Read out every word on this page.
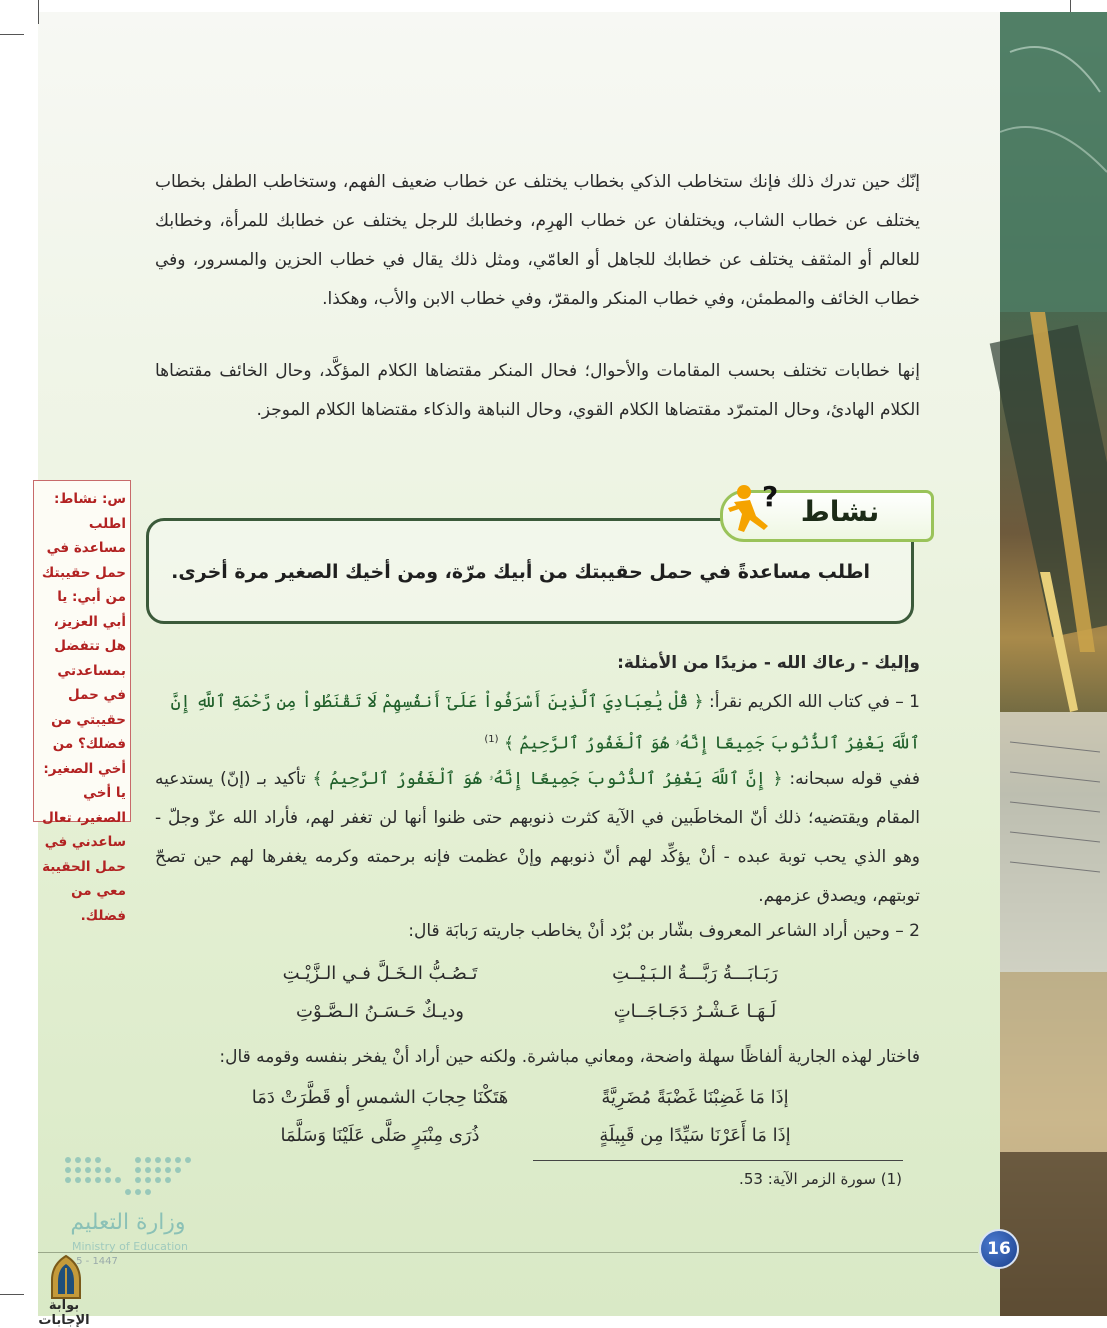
إنّك حين تدرك ذلك فإنك ستخاطب الذكي بخطاب يختلف عن خطاب ضعيف الفهم، وستخاطب الطفل بخطاب يختلف عن خطاب الشاب، ويختلفان عن خطاب الهرِم، وخطابك للرجل يختلف عن خطابك للمرأة، وخطابك للعالم أو المثقف يختلف عن خطابك للجاهل أو العامّي، ومثل ذلك يقال في خطاب الحزين والمسرور، وفي خطاب الخائف والمطمئن، وفي خطاب المنكر والمقرّ، وفي خطاب الابن والأب، وهكذا.

إنها خطابات تختلف بحسب المقامات والأحوال؛ فحال المنكر مقتضاها الكلام المؤكَّد، وحال الخائف مقتضاها الكلام الهادئ، وحال المتمرّد مقتضاها الكلام القوي، وحال النباهة والذكاء مقتضاها الكلام الموجز.

نشاط
?
اطلب مساعدةً في حمل حقيبتك من أبيك مرّة، ومن أخيك الصغير مرة أخرى.
س: نشاط: اطلب مساعدة في حمل حقيبتك من أبي: يا أبي العزيز، هل تتفضل بمساعدتي في حمل حقيبتي من فضلك؟ من أخي الصغير: يا أخي الصغير، تعال ساعدني في حمل الحقيبة معي من فضلك.
وإليك - رعاك الله - مزيدًا من الأمثلة:
1 – في كتاب الله الكريم نقرأ: ﴿ قُلْ يَٰعِبَادِيَ ٱلَّذِينَ أَسْرَفُواْ عَلَىٰٓ أَنفُسِهِمْ لَا تَقْنَطُواْ مِن رَّحْمَةِ ٱللَّهِ إِنَّ ٱللَّهَ يَغْفِرُ ٱلذُّنُوبَ جَمِيعًا إِنَّهُۥ هُوَ ٱلْغَفُورُ ٱلرَّحِيمُ ﴾ $^{(1)}$
ففي قوله سبحانه: ﴿ إِنَّ ٱللَّهَ يَغْفِرُ ٱلذُّنُوبَ جَمِيعًا إِنَّهُۥ هُوَ ٱلْغَفُورُ ٱلرَّحِيمُ ﴾ تأكيد بـ (إنّ) يستدعيه المقام ويقتضيه؛ ذلك أنّ المخاطَبين في الآية كثرت ذنوبهم حتى ظنوا أنها لن تغفر لهم، فأراد الله عزّ وجلّ - وهو الذي يحب توبة عبده - أنْ يؤكِّد لهم أنّ ذنوبهم وإنْ عظمت فإنه برحمته وكرمه يغفرها لهم حين تصحّ توبتهم، ويصدق عزمهم.
2 – وحين أراد الشاعر المعروف بشّار بن بُرْد أنْ يخاطب جاريته رَبابَة قال:
رَبَـابَـــةُ رَبَّـــةُ الـبَـيْــتِ
تَـصُـبُّ الـخَـلَّ فـي الـزَّيْـتِ
لَـهَـا عَـشْـرُ دَجَـاجَــاتٍ
وديـكٌ حَـسَـنُ الـصَّـوْتِ
فاختار لهذه الجارية ألفاظًا سهلة واضحة، ومعاني مباشرة. ولكنه حين أراد أنْ يفخر بنفسه وقومه قال:
إذَا مَا غَضِبْنَا غَضْبَةً مُضَرِيَّةً
هَتَكْنَا حِجابَ الشمسِ أو قَطَّرَتْ دَمَا
إذَا مَا أَعَرْنَا سَيِّدًا مِن قَبِيلَةٍ
ذُرَى مِنْبَرٍ صَلَّى عَلَيْنَا وَسَلَّمَا
(1) سورة الزمر الآية: 53.
16
وزارة التعليم
Ministry of Education
5 - 1447
بوابة الإجابات
